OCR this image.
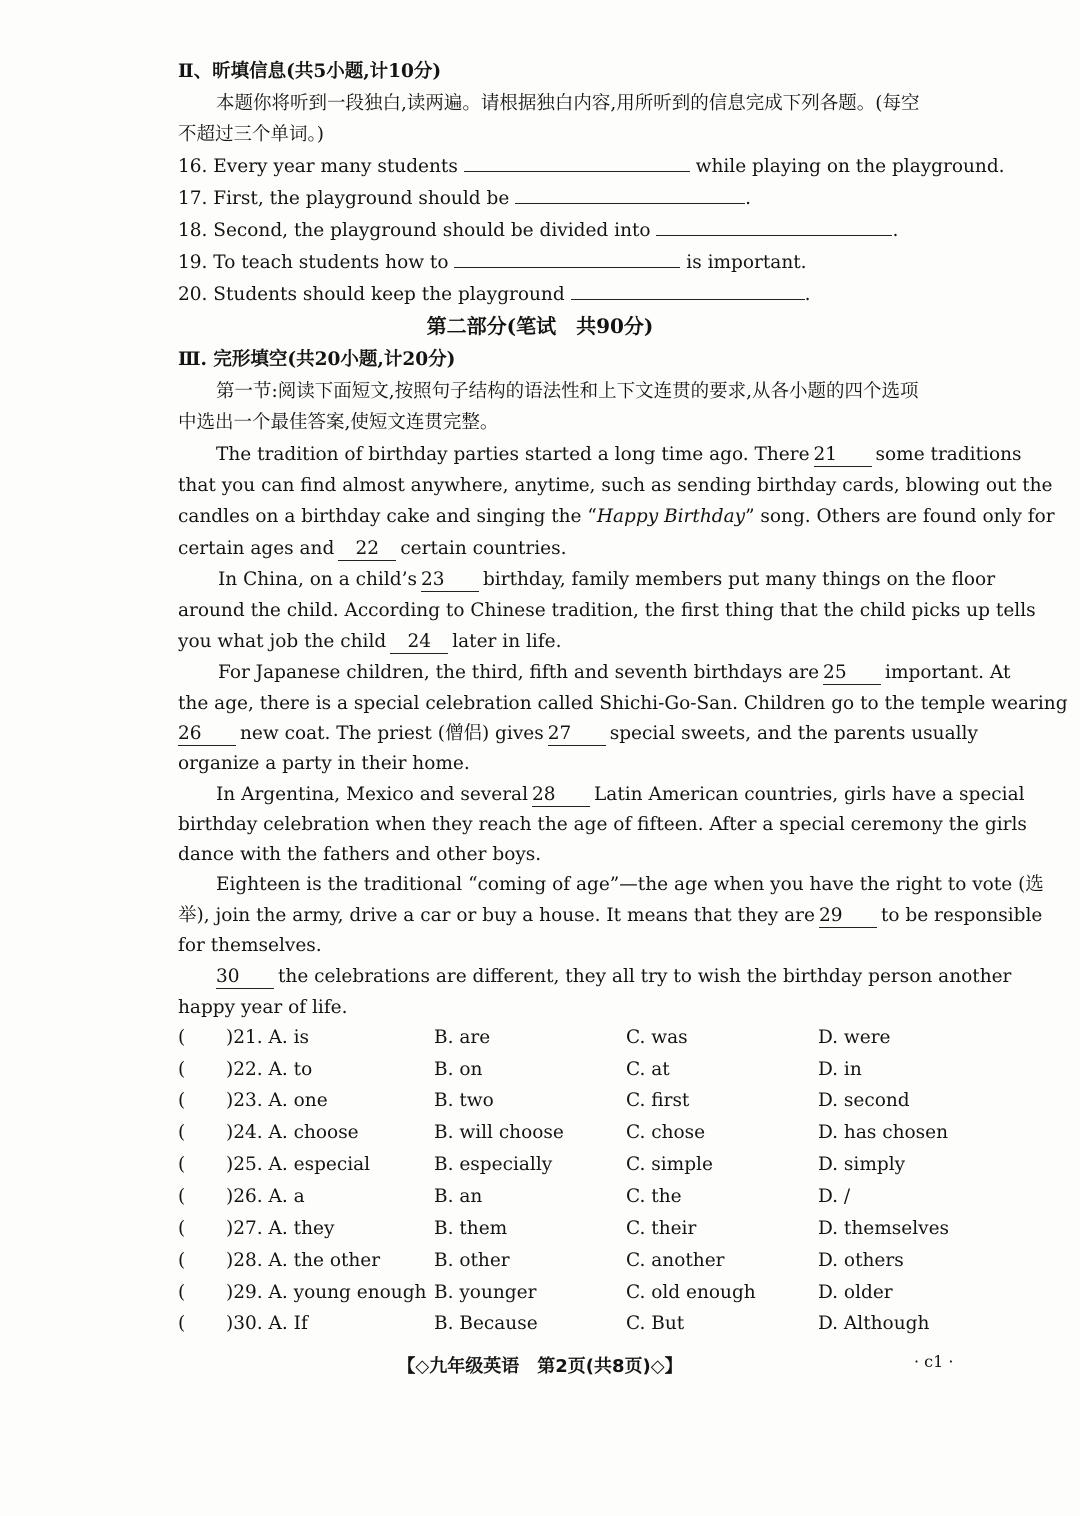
Ⅱ、昕填信息(共5小题,计10分)
本题你将听到一段独白,读两遍。请根据独白内容,用所听到的信息完成下列各题。(每空
不超过三个单词。)
16. Every year many students	while playing on the playground.
17. First, the playground should be	.
18. Second, the playground should be divided into	.
19. To teach students how to	is important.
20. Students should keep the playground	.
第二部分(笔试　共90分)
Ⅲ. 完形填空(共20小题,计20分)
第一节:阅读下面短文,按照句子结构的语法性和上下文连贯的要求,从各小题的四个选项
中选出一个最佳答案,使短文连贯完整。
The tradition of birthday parties started a long time ago. There 21 some traditions
that you can find almost anywhere, anytime, such as sending birthday cards, blowing out the
candles on a birthday cake and singing the “Happy Birthday” song. Others are found only for
certain ages and 22 certain countries.
In China, on a child’s 23 birthday, family members put many things on the floor
around the child. According to Chinese tradition, the first thing that the child picks up tells
you what job the child 24 later in life.
For Japanese children, the third, fifth and seventh birthdays are 25 important. At
the age, there is a special celebration called Shichi-Go-San. Children go to the temple wearing
26 new coat. The priest (僧侣) gives 27 special sweets, and the parents usually
organize a party in their home.
In Argentina, Mexico and several 28 Latin American countries, girls have a special
birthday celebration when they reach the age of fifteen. After a special ceremony the girls
dance with the fathers and other boys.
Eighteen is the traditional “coming of age”—the age when you have the right to vote (选
举), join the army, drive a car or buy a house. It means that they are 29 to be responsible
for themselves.
30 the celebrations are different, they all try to wish the birthday person another
happy year of life.
( )21. A. is	B. are	C. was	D. were
( )22. A. to	B. on	C. at	D. in
( )23. A. one	B. two	C. first	D. second
( )24. A. choose	B. will choose	C. chose	D. has chosen
( )25. A. especial	B. especially	C. simple	D. simply
( )26. A. a	B. an	C. the	D. /
( )27. A. they	B. them	C. their	D. themselves
( )28. A. the other	B. other	C. another	D. others
( )29. A. young enough B. younger	C. old enough	D. older
( )30. A. If	B. Because	C. But	D. Although
【◇九年级英语　第2页(共8页)◇】	· c1 ·
